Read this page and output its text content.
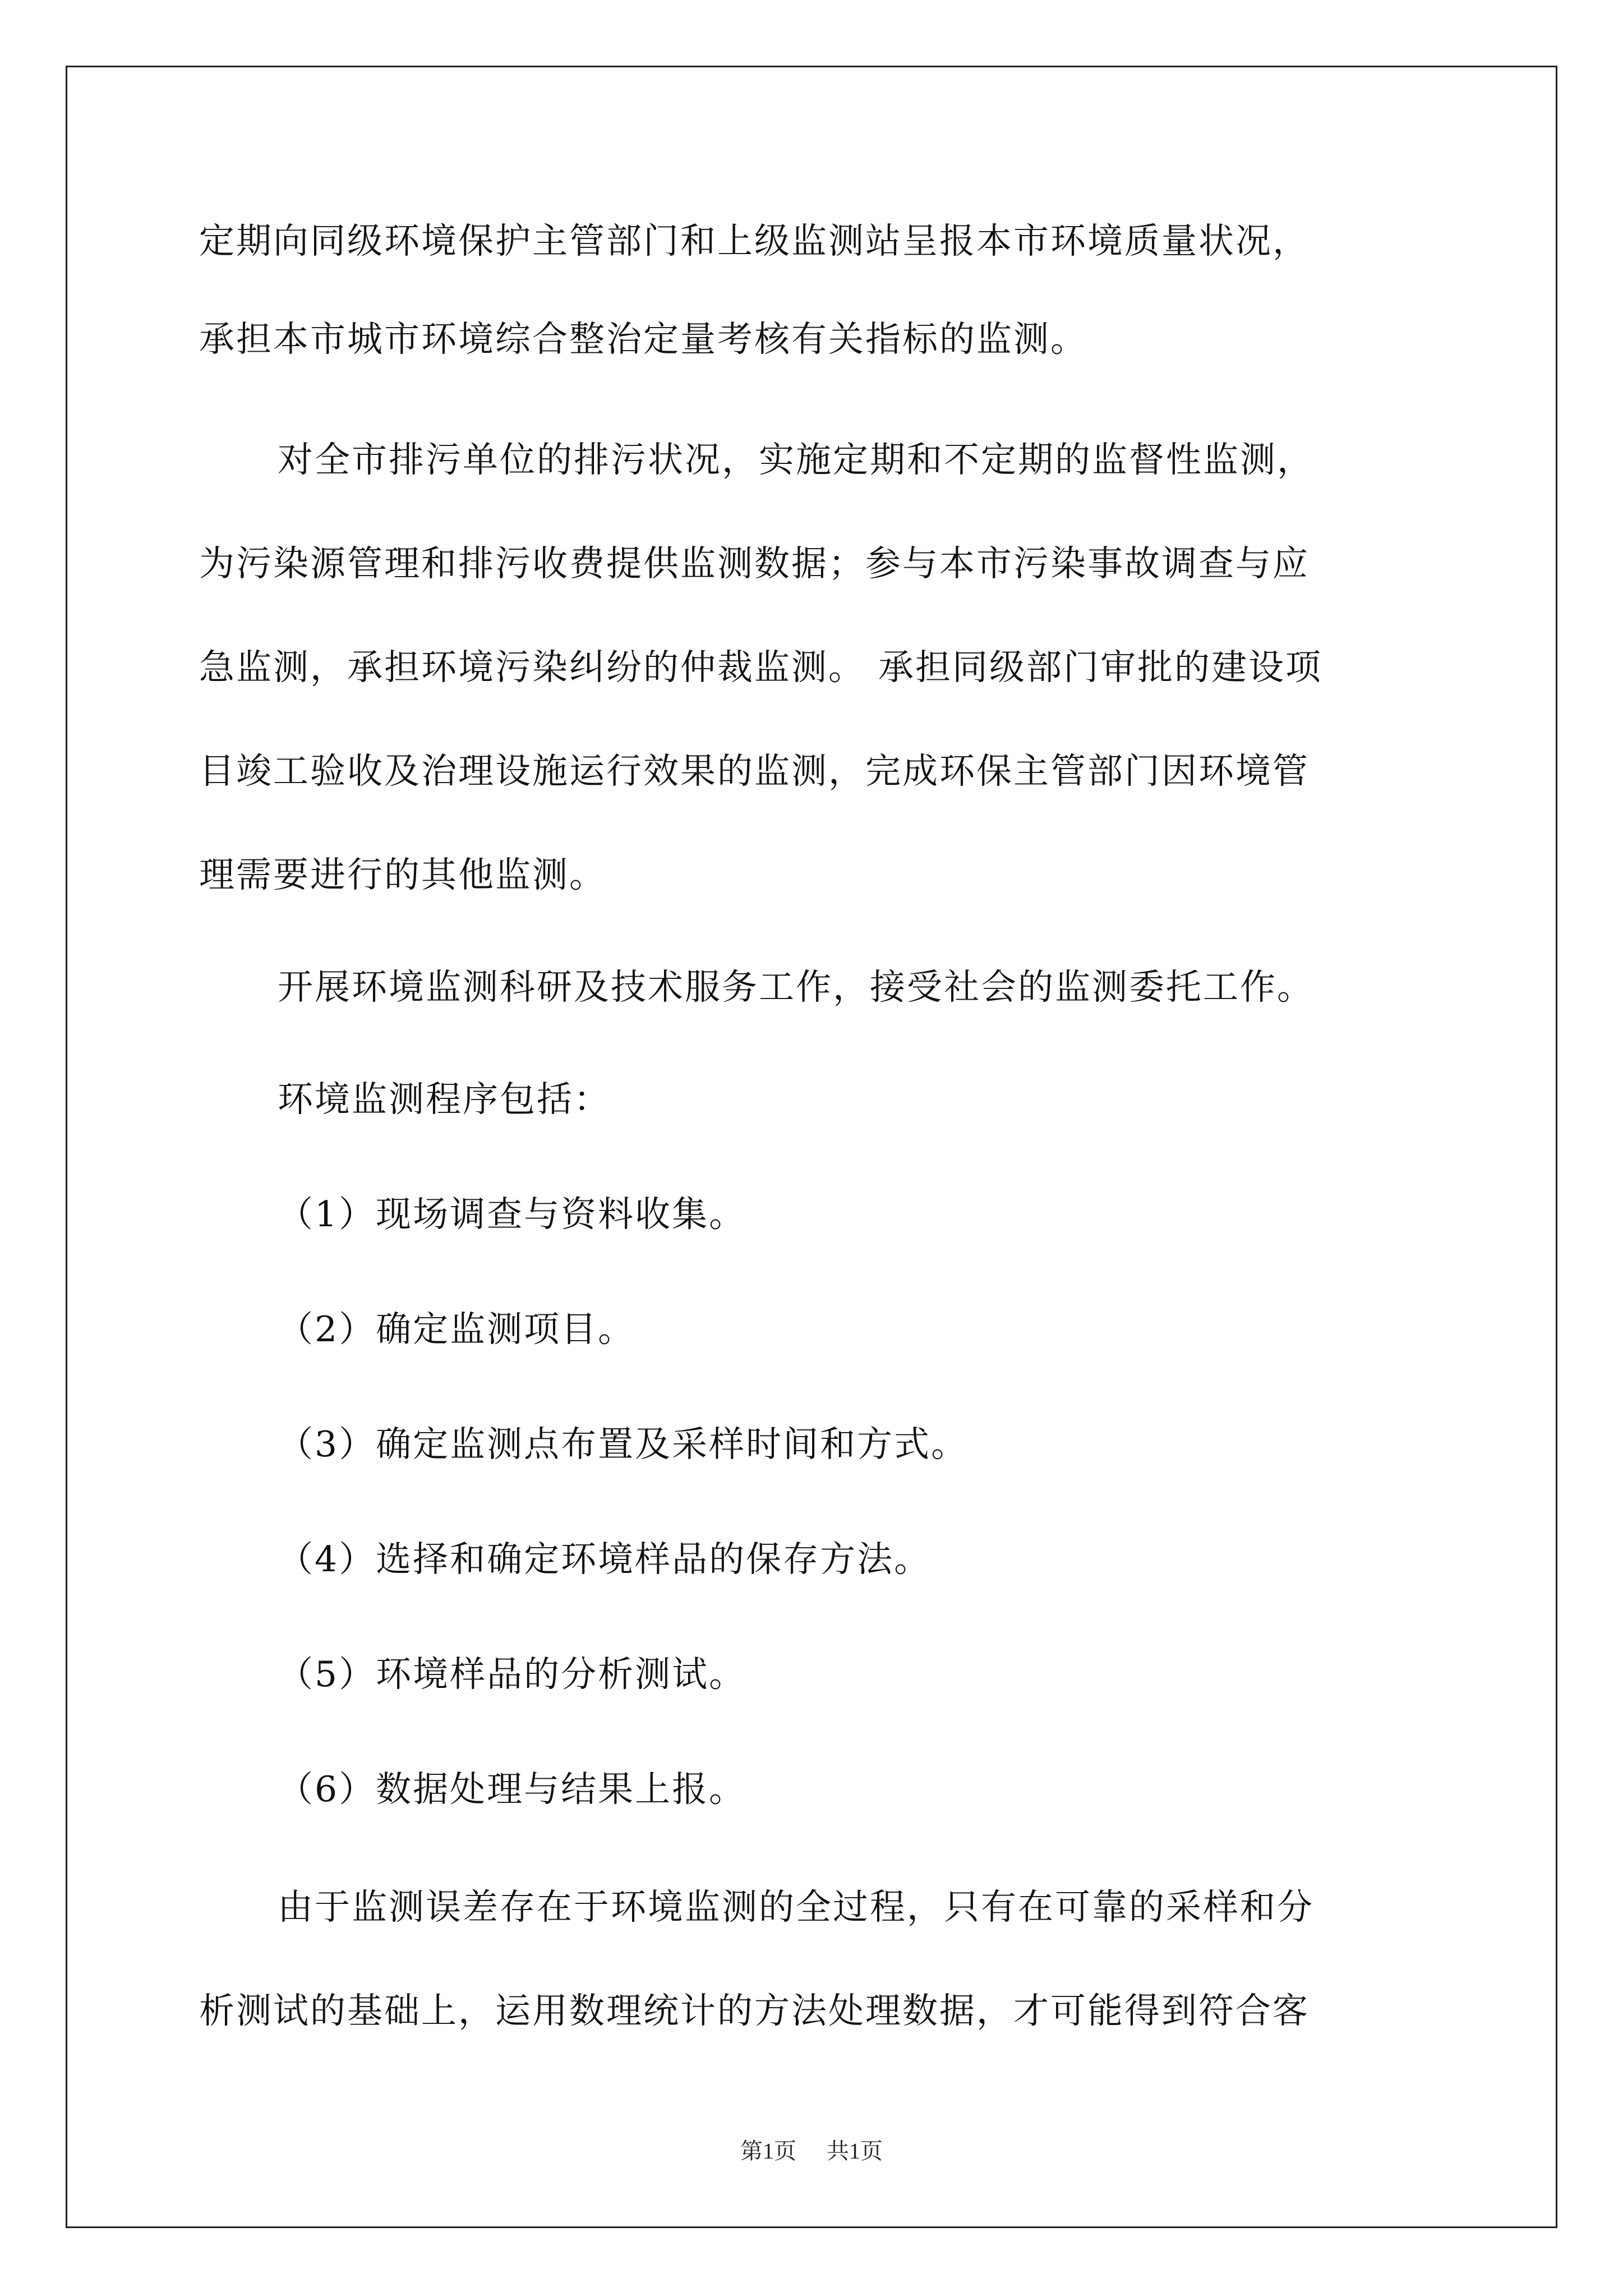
定期向同级环境保护主管部门和上级监测站呈报本市环境质量状况，
承担本市城市环境综合整治定量考核有关指标的监测。
对全市排污单位的排污状况，实施定期和不定期的监督性监测，
为污染源管理和排污收费提供监测数据；参与本市污染事故调查与应
急监测，承担环境污染纠纷的仲裁监测。 承担同级部门审批的建设项
目竣工验收及治理设施运行效果的监测，完成环保主管部门因环境管
理需要进行的其他监测。
开展环境监测科研及技术服务工作，接受社会的监测委托工作。
环境监测程序包括：
（1）现场调查与资料收集。
（2）确定监测项目。
（3）确定监测点布置及采样时间和方式。
（4）选择和确定环境样品的保存方法。
（5）环境样品的分析测试。
（6）数据处理与结果上报。
由于监测误差存在于环境监测的全过程，只有在可靠的采样和分
析测试的基础上，运用数理统计的方法处理数据，才可能得到符合客
第1页 共1页
